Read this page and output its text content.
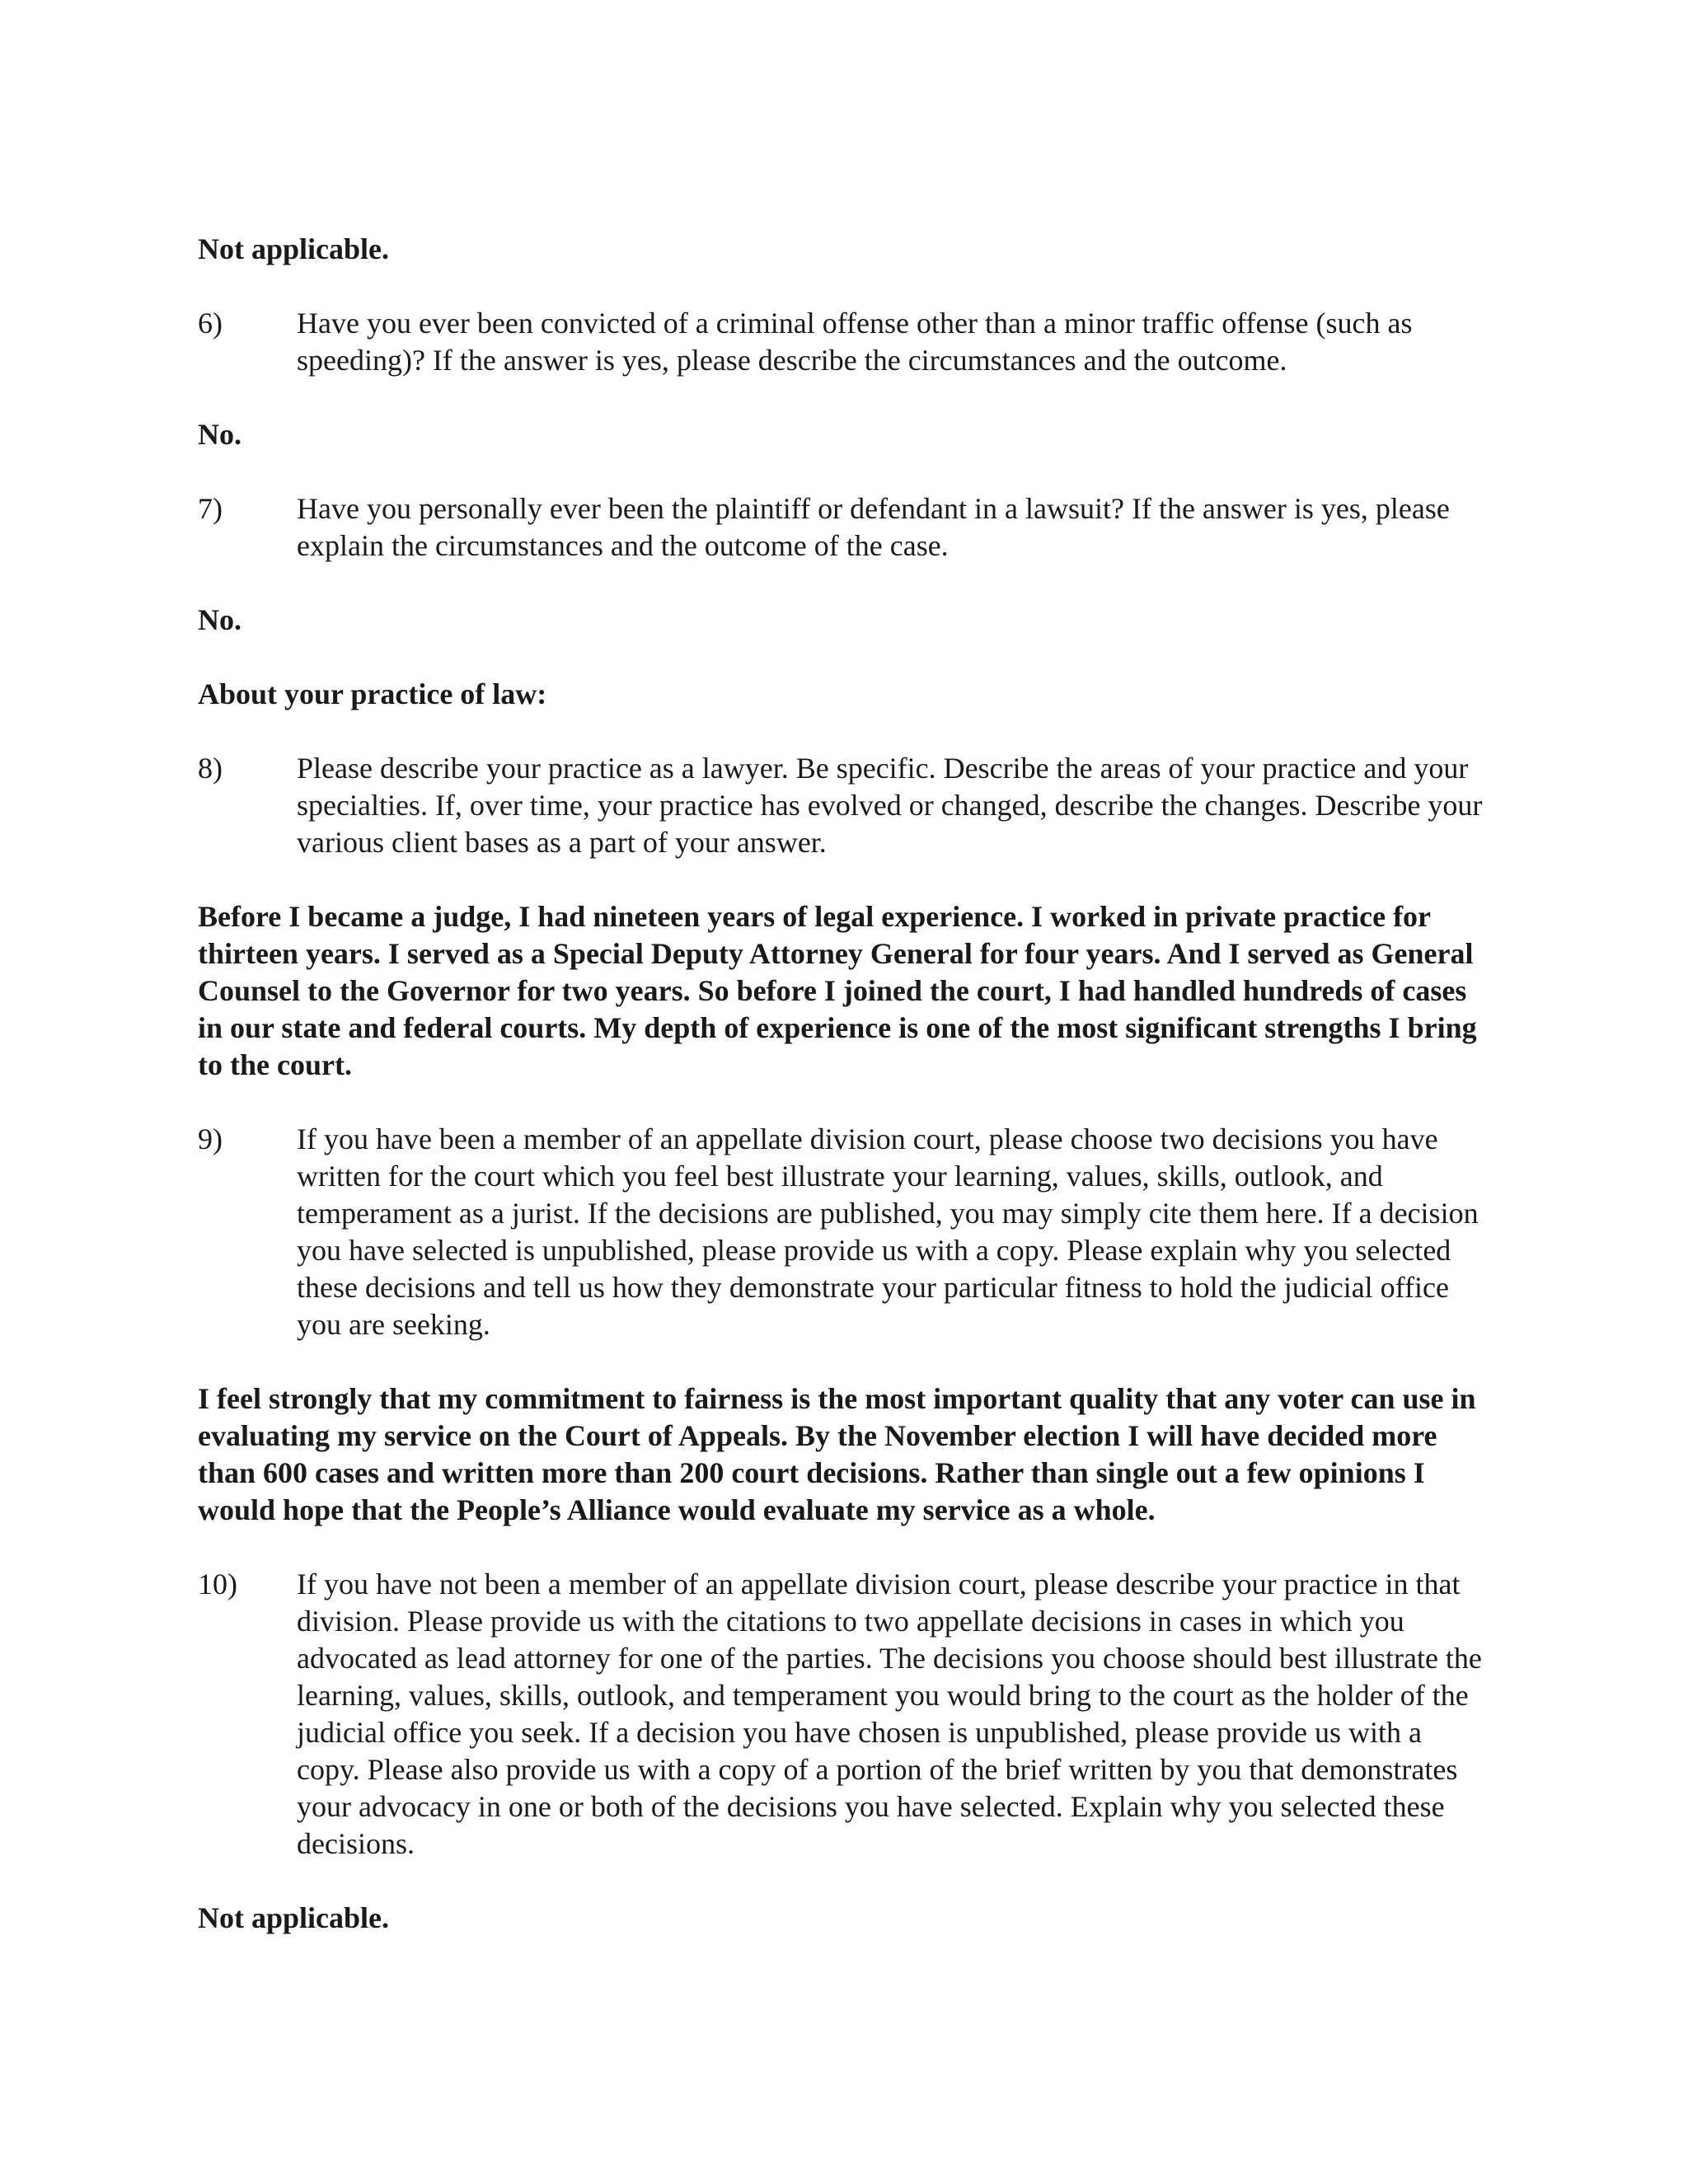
Not applicable.

6)	Have you ever been convicted of a criminal offense other than a minor traffic offense (such as speeding)? If the answer is yes, please describe the circumstances and the outcome.

No.

7)	Have you personally ever been the plaintiff or defendant in a lawsuit? If the answer is yes, please explain the circumstances and the outcome of the case.

No.

About your practice of law:

8)	Please describe your practice as a lawyer. Be specific. Describe the areas of your practice and your specialties. If, over time, your practice has evolved or changed, describe the changes. Describe your various client bases as a part of your answer.

Before I became a judge, I had nineteen years of legal experience. I worked in private practice for thirteen years. I served as a Special Deputy Attorney General for four years. And I served as General Counsel to the Governor for two years. So before I joined the court, I had handled hundreds of cases in our state and federal courts. My depth of experience is one of the most significant strengths I bring to the court.

9)	If you have been a member of an appellate division court, please choose two decisions you have written for the court which you feel best illustrate your learning, values, skills, outlook, and temperament as a jurist. If the decisions are published, you may simply cite them here. If a decision you have selected is unpublished, please provide us with a copy. Please explain why you selected these decisions and tell us how they demonstrate your particular fitness to hold the judicial office you are seeking.

I feel strongly that my commitment to fairness is the most important quality that any voter can use in evaluating my service on the Court of Appeals. By the November election I will have decided more than 600 cases and written more than 200 court decisions. Rather than single out a few opinions I would hope that the People’s Alliance would evaluate my service as a whole.

10)	If you have not been a member of an appellate division court, please describe your practice in that division. Please provide us with the citations to two appellate decisions in cases in which you advocated as lead attorney for one of the parties. The decisions you choose should best illustrate the learning, values, skills, outlook, and temperament you would bring to the court as the holder of the judicial office you seek. If a decision you have chosen is unpublished, please provide us with a copy. Please also provide us with a copy of a portion of the brief written by you that demonstrates your advocacy in one or both of the decisions you have selected. Explain why you selected these decisions.

Not applicable.
